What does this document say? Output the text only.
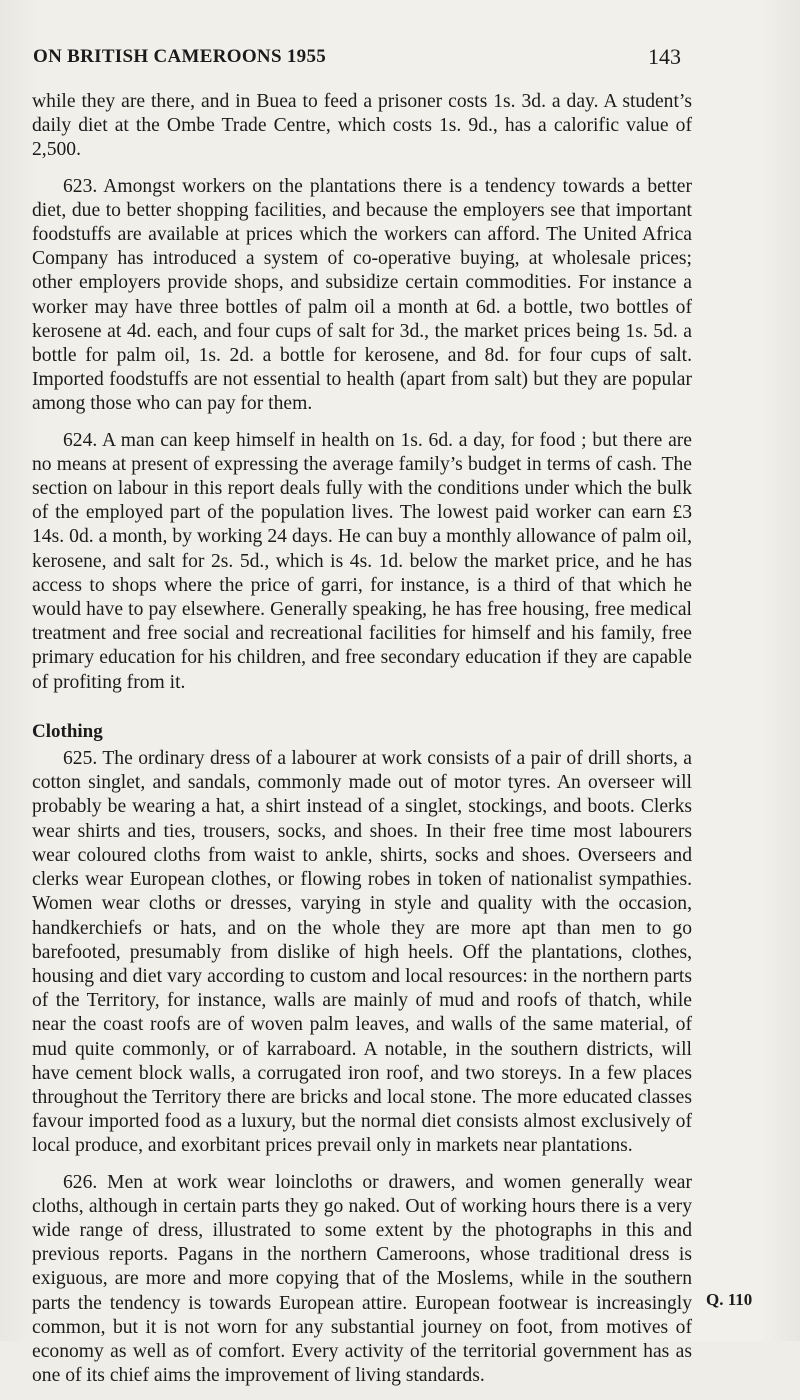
ON BRITISH CAMEROONS 1955	143

while they are there, and in Buea to feed a prisoner costs 1s. 3d. a day. A student’s daily diet at the Ombe Trade Centre, which costs 1s. 9d., has a calorific value of 2,500.

623. Amongst workers on the plantations there is a tendency towards a better diet, due to better shopping facilities, and because the employers see that important foodstuffs are available at prices which the workers can afford. The United Africa Company has introduced a system of co-operative buying, at wholesale prices; other employers provide shops, and subsidize certain commodities. For instance a worker may have three bottles of palm oil a month at 6d. a bottle, two bottles of kerosene at 4d. each, and four cups of salt for 3d., the market prices being 1s. 5d. a bottle for palm oil, 1s. 2d. a bottle for kerosene, and 8d. for four cups of salt. Imported foodstuffs are not essential to health (apart from salt) but they are popular among those who can pay for them.

624. A man can keep himself in health on 1s. 6d. a day, for food ; but there are no means at present of expressing the average family’s budget in terms of cash. The section on labour in this report deals fully with the conditions under which the bulk of the employed part of the population lives. The lowest paid worker can earn £3 14s. 0d. a month, by working 24 days. He can buy a monthly allowance of palm oil, kerosene, and salt for 2s. 5d., which is 4s. 1d. below the market price, and he has access to shops where the price of garri, for instance, is a third of that which he would have to pay elsewhere. Generally speaking, he has free housing, free medical treatment and free social and recreational facilities for himself and his family, free primary education for his children, and free secondary education if they are capable of profiting from it.

Clothing

625. The ordinary dress of a labourer at work consists of a pair of drill shorts, a cotton singlet, and sandals, commonly made out of motor tyres. An overseer will probably be wearing a hat, a shirt instead of a singlet, stockings, and boots. Clerks wear shirts and ties, trousers, socks, and shoes. In their free time most labourers wear coloured cloths from waist to ankle, shirts, socks and shoes. Overseers and clerks wear European clothes, or flowing robes in token of nationalist sympathies. Women wear cloths or dresses, varying in style and quality with the occasion, handkerchiefs or hats, and on the whole they are more apt than men to go barefooted, presumably from dislike of high heels. Off the plantations, clothes, housing and diet vary according to custom and local resources: in the northern parts of the Territory, for instance, walls are mainly of mud and roofs of thatch, while near the coast roofs are of woven palm leaves, and walls of the same material, of mud quite commonly, or of karraboard. A notable, in the southern districts, will have cement block walls, a corrugated iron roof, and two storeys. In a few places throughout the Territory there are bricks and local stone. The more educated classes favour imported food as a luxury, but the normal diet consists almost exclusively of local produce, and exorbitant prices prevail only in markets near plantations.

626. Men at work wear loincloths or drawers, and women generally wear cloths, although in certain parts they go naked. Out of working hours there is a very wide range of dress, illustrated to some extent by the photographs in this and previous reports. Pagans in the northern Cameroons, whose traditional dress is exiguous, are more and more copying that of the Moslems, while in the southern parts the tendency is towards European attire. European footwear is increasingly common, but it is not worn for any substantial journey on foot, from motives of economy as well as of comfort. Every activity of the territorial government has as one of its chief aims the improvement of living standards.

Q. 110
